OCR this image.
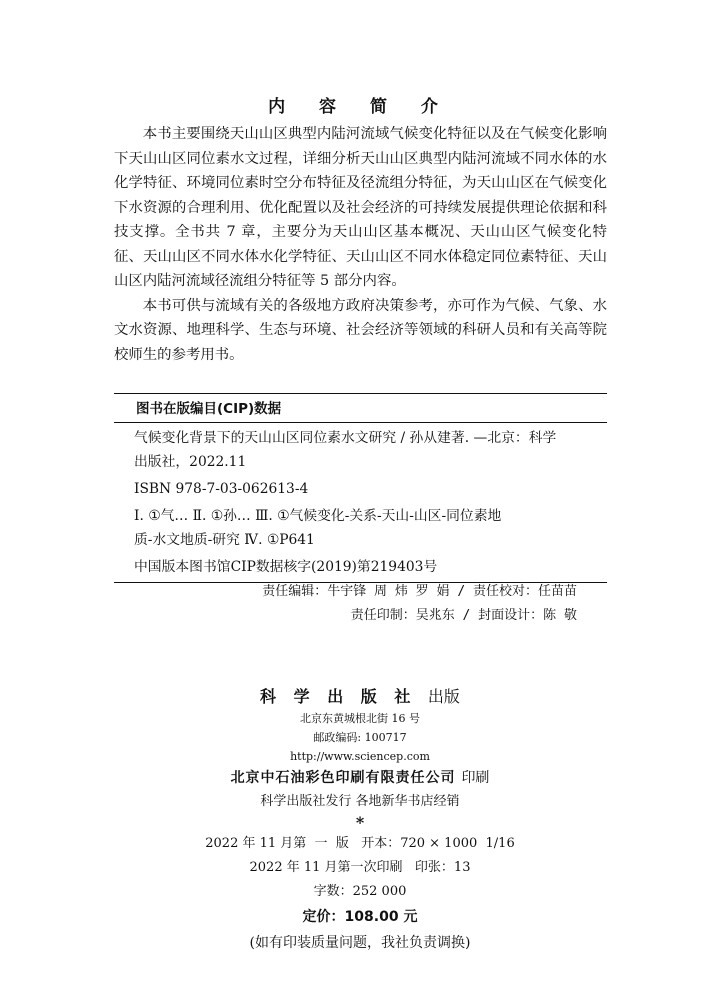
内 容 简 介

本书主要围绕天山山区典型内陆河流域气候变化特征以及在气候变化影响下天山山区同位素水文过程，详细分析天山山区典型内陆河流域不同水体的水化学特征、环境同位素时空分布特征及径流组分特征，为天山山区在气候变化下水资源的合理利用、优化配置以及社会经济的可持续发展提供理论依据和科技支撑。全书共 7 章，主要分为天山山区基本概况、天山山区气候变化特征、天山山区不同水体水化学特征、天山山区不同水体稳定同位素特征、天山山区内陆河流域径流组分特征等 5 部分内容。

本书可供与流域有关的各级地方政府决策参考，亦可作为气候、气象、水文水资源、地理科学、生态与环境、社会经济等领域的科研人员和有关高等院校师生的参考用书。

图书在版编目(CIP)数据
气候变化背景下的天山山区同位素水文研究 / 孙从建著. —北京：科学
出版社，2022.11
ISBN 978-7-03-062613-4
Ⅰ. ①气… Ⅱ. ①孙… Ⅲ. ①气候变化-关系-天山-山区-同位素地
质-水文地质-研究 Ⅳ. ①P641
中国版本图书馆CIP数据核字(2019)第219403号
责任编辑：牛宇锋 周 炜 罗 娟 / 责任校对：任苗苗
责任印制：吴兆东 / 封面设计：陈 敬
科 学 出 版 社 出版
北京东黄城根北街 16 号
邮政编码: 100717
http://www.sciencep.com
北京中石油彩色印刷有限责任公司 印刷
科学出版社发行 各地新华书店经销
*
2022 年 11 月第  一  版   开本：720 × 1000  1/16
2022 年 11 月第一次印刷   印张：13
字数：252 000
定价：108.00 元
(如有印装质量问题，我社负责调换)
